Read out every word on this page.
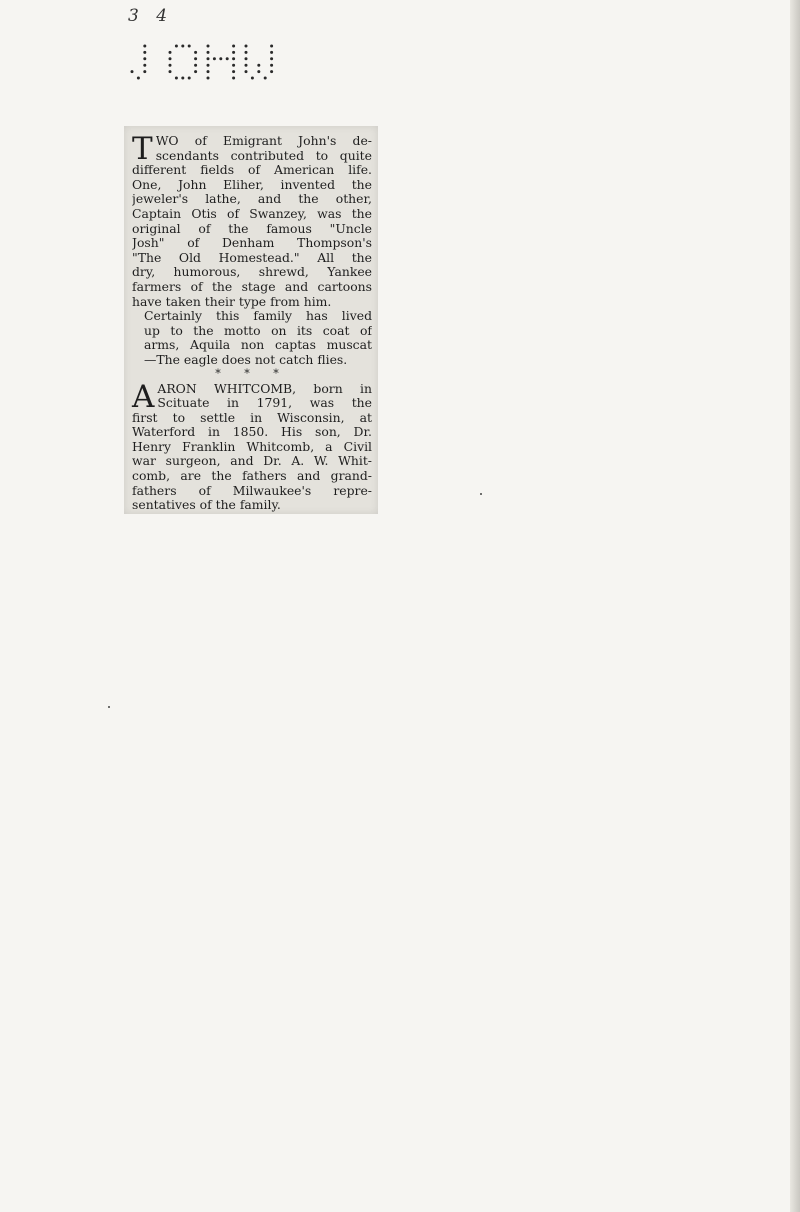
3 4
T WO of Emigrant John's de-
scendants contributed to quite
different fields of American life.
One, John Eliher, invented the
jeweler's lathe, and the other,
Captain Otis of Swanzey, was the
original of the famous "Uncle
Josh" of Denham Thompson's
"The Old Homestead." All the
dry, humorous, shrewd, Yankee
farmers of the stage and cartoons
have taken their type from him.
Certainly this family has lived
up to the motto on its coat of
arms, Aquila non captas muscat
—The eagle does not catch flies.
* * *
A ARON WHITCOMB, born in
Scituate in 1791, was the
first to settle in Wisconsin, at
Waterford in 1850. His son, Dr.
Henry Franklin Whitcomb, a Civil
war surgeon, and Dr. A. W. Whit-
comb, are the fathers and grand-
fathers of Milwaukee's repre-
sentatives of the family.
